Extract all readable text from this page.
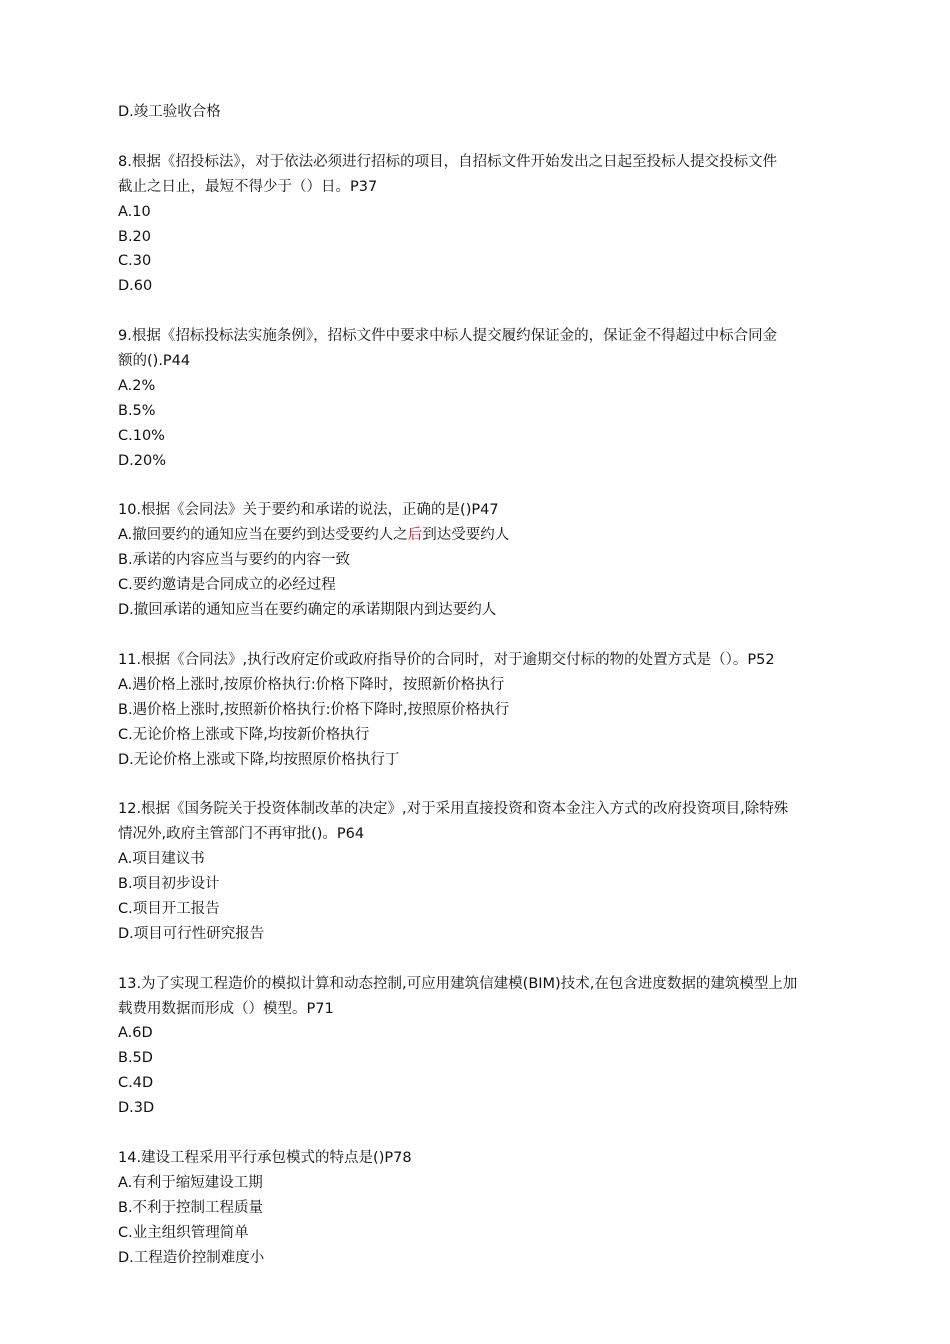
D.竣工验收合格
8.根据《招投标法》，对于依法必须进行招标的项目，自招标文件开始发出之日起至投标人提交投标文件
截止之日止，最短不得少于（）日。P37
A.10
B.20
C.30
D.60
9.根据《招标投标法实施条例》，招标文件中要求中标人提交履约保证金的，保证金不得超过中标合同金
额的().P44
A.2%
B.5%
C.10%
D.20%
10.根据《会同法》关于要约和承诺的说法，正确的是()P47
A.撤回要约的通知应当在要约到达受要约人之后到达受要约人
B.承诺的内容应当与要约的内容一致
C.要约邀请是合同成立的必经过程
D.撤回承诺的通知应当在要约确定的承诺期限内到达要约人
11.根据《合同法》,执行改府定价或政府指导价的合同时，对于逾期交付标的物的处置方式是（）。P52
A.遇价格上涨时,按原价格执行:价格下降时，按照新价格执行
B.遇价格上涨时,按照新价格执行:价格下降时,按照原价格执行
C.无论价格上涨或下降,均按新价格执行
D.无论价格上涨或下降,均按照原价格执行丁
12.根据《国务院关于投资体制改革的决定》,对于采用直接投资和资本金注入方式的改府投资项目,除特殊
情况外,政府主管部门不再审批()。P64
A.项目建议书
B.项目初步设计
C.项目开工报告
D.项目可行性研究报告
13.为了实现工程造价的模拟计算和动态控制,可应用建筑信建模(BIM)技术,在包含进度数据的建筑模型上加
载费用数据而形成（）模型。P71
A.6D
B.5D
C.4D
D.3D
14.建设工程采用平行承包模式的特点是()P78
A.有利于缩短建设工期
B.不利于控制工程质量
C.业主组织管理简单
D.工程造价控制难度小
